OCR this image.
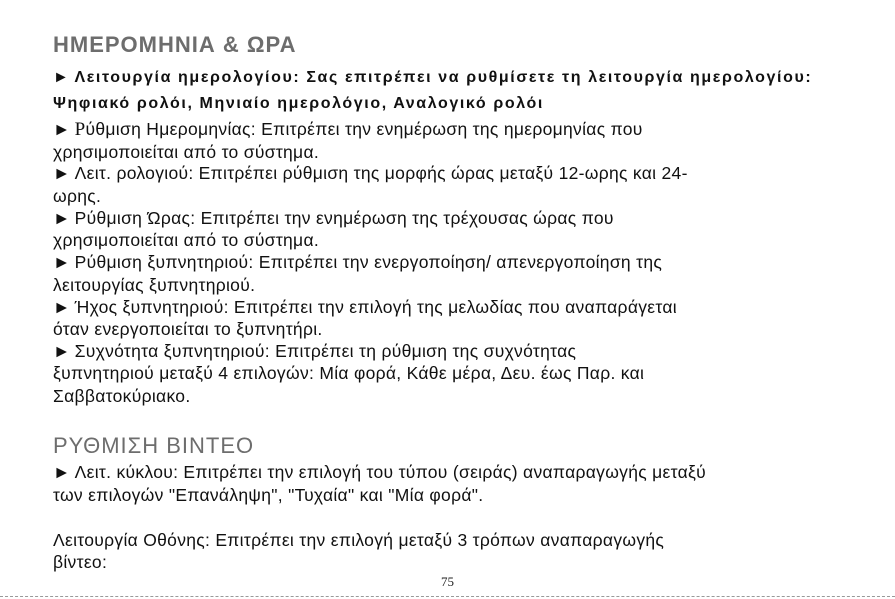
ΗΜΕΡΟΜΗΝΙΑ & ΩΡΑ
► Λειτουργία ημερολογίου: Σας επιτρέπει να ρυθμίσετε τη λειτουργία ημερολογίου:
Ψηφιακό ρολόι, Μηνιαίο ημερολόγιο, Αναλογικό ρολόι
► Ρύθμιση Ημερομηνίας: Επιτρέπει την ενημέρωση της ημερομηνίας που
χρησιμοποιείται από το σύστημα.
► Λειτ. ρολογιού: Επιτρέπει ρύθμιση της μορφής ώρας μεταξύ 12-ωρης και 24-
ωρης.
► Ρύθμιση Ώρας: Επιτρέπει την ενημέρωση της τρέχουσας ώρας που
χρησιμοποιείται από το σύστημα.
► Ρύθμιση ξυπνητηριού: Επιτρέπει την ενεργοποίηση/ απενεργοποίηση της
λειτουργίας ξυπνητηριού.
► Ήχος ξυπνητηριού: Επιτρέπει την επιλογή της μελωδίας που αναπαράγεται
όταν ενεργοποιείται το ξυπνητήρι.
► Συχνότητα ξυπνητηριού: Επιτρέπει τη ρύθμιση της συχνότητας
ξυπνητηριού μεταξύ 4 επιλογών: Μία φορά, Κάθε μέρα, Δευ. έως Παρ. και
Σαββατοκύριακο.
ΡΥΘΜΙΣΗ ΒΙΝΤΕΟ
► Λειτ. κύκλου: Επιτρέπει την επιλογή του τύπου (σειράς) αναπαραγωγής μεταξύ
των επιλογών "Επανάληψη", "Τυχαία" και "Μία φορά".
Λειτουργία Οθόνης: Επιτρέπει την επιλογή μεταξύ 3 τρόπων αναπαραγωγής
βίντεο:
75
